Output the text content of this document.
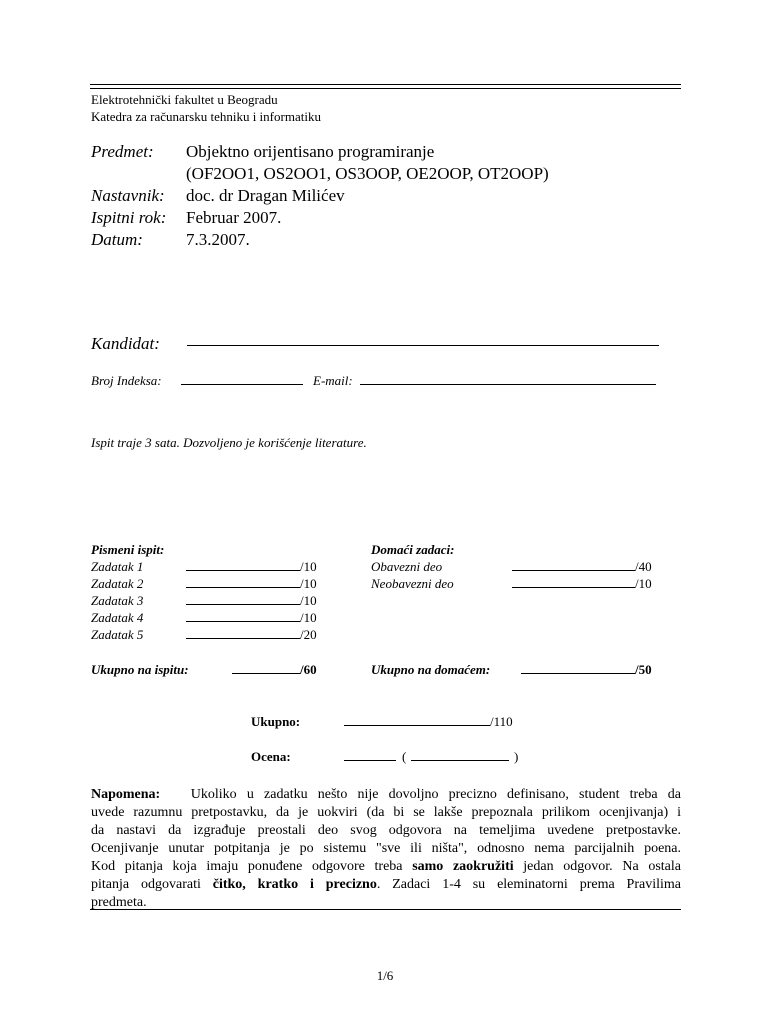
Elektrotehnički fakultet u Beogradu
Katedra za računarsku tehniku i informatiku
Predmet: Objektno orijentisano programiranje
(OF2OO1, OS2OO1, OS3OOP, OE2OOP, OT2OOP)
Nastavnik: doc. dr Dragan Milićev
Ispitni rok: Februar 2007.
Datum:	7.3.2007.
Kandidat:
Broj Indeksa:	E-mail:
Ispit traje 3 sata. Dozvoljeno je korišćenje literature.
Pismeni ispit:
Zadatak 1	/10
Zadatak 2	/10
Zadatak 3	/10
Zadatak 4	/10
Zadatak 5	/20
Ukupno na ispitu:	/60
Domaći zadaci:
Obavezni deo	/40
Neobavezni deo	/10
Ukupno na domaćem:	/50
Ukupno:	/110
Ocena:	(	)
Napomena: Ukoliko u zadatku nešto nije dovoljno precizno definisano, student treba da
uvede razumnu pretpostavku, da je uokviri (da bi se lakše prepoznala prilikom ocenjivanja) i
da nastavi da izgrađuje preostali deo svog odgovora na temeljima uvedene pretpostavke.
Ocenjivanje unutar potpitanja je po sistemu "sve ili ništa", odnosno nema parcijalnih poena.
Kod pitanja koja imaju ponuđene odgovore treba samo zaokružiti jedan odgovor. Na ostala
pitanja odgovarati čitko, kratko i precizno. Zadaci 1-4 su eleminatorni prema Pravilima
predmeta.
1/6
